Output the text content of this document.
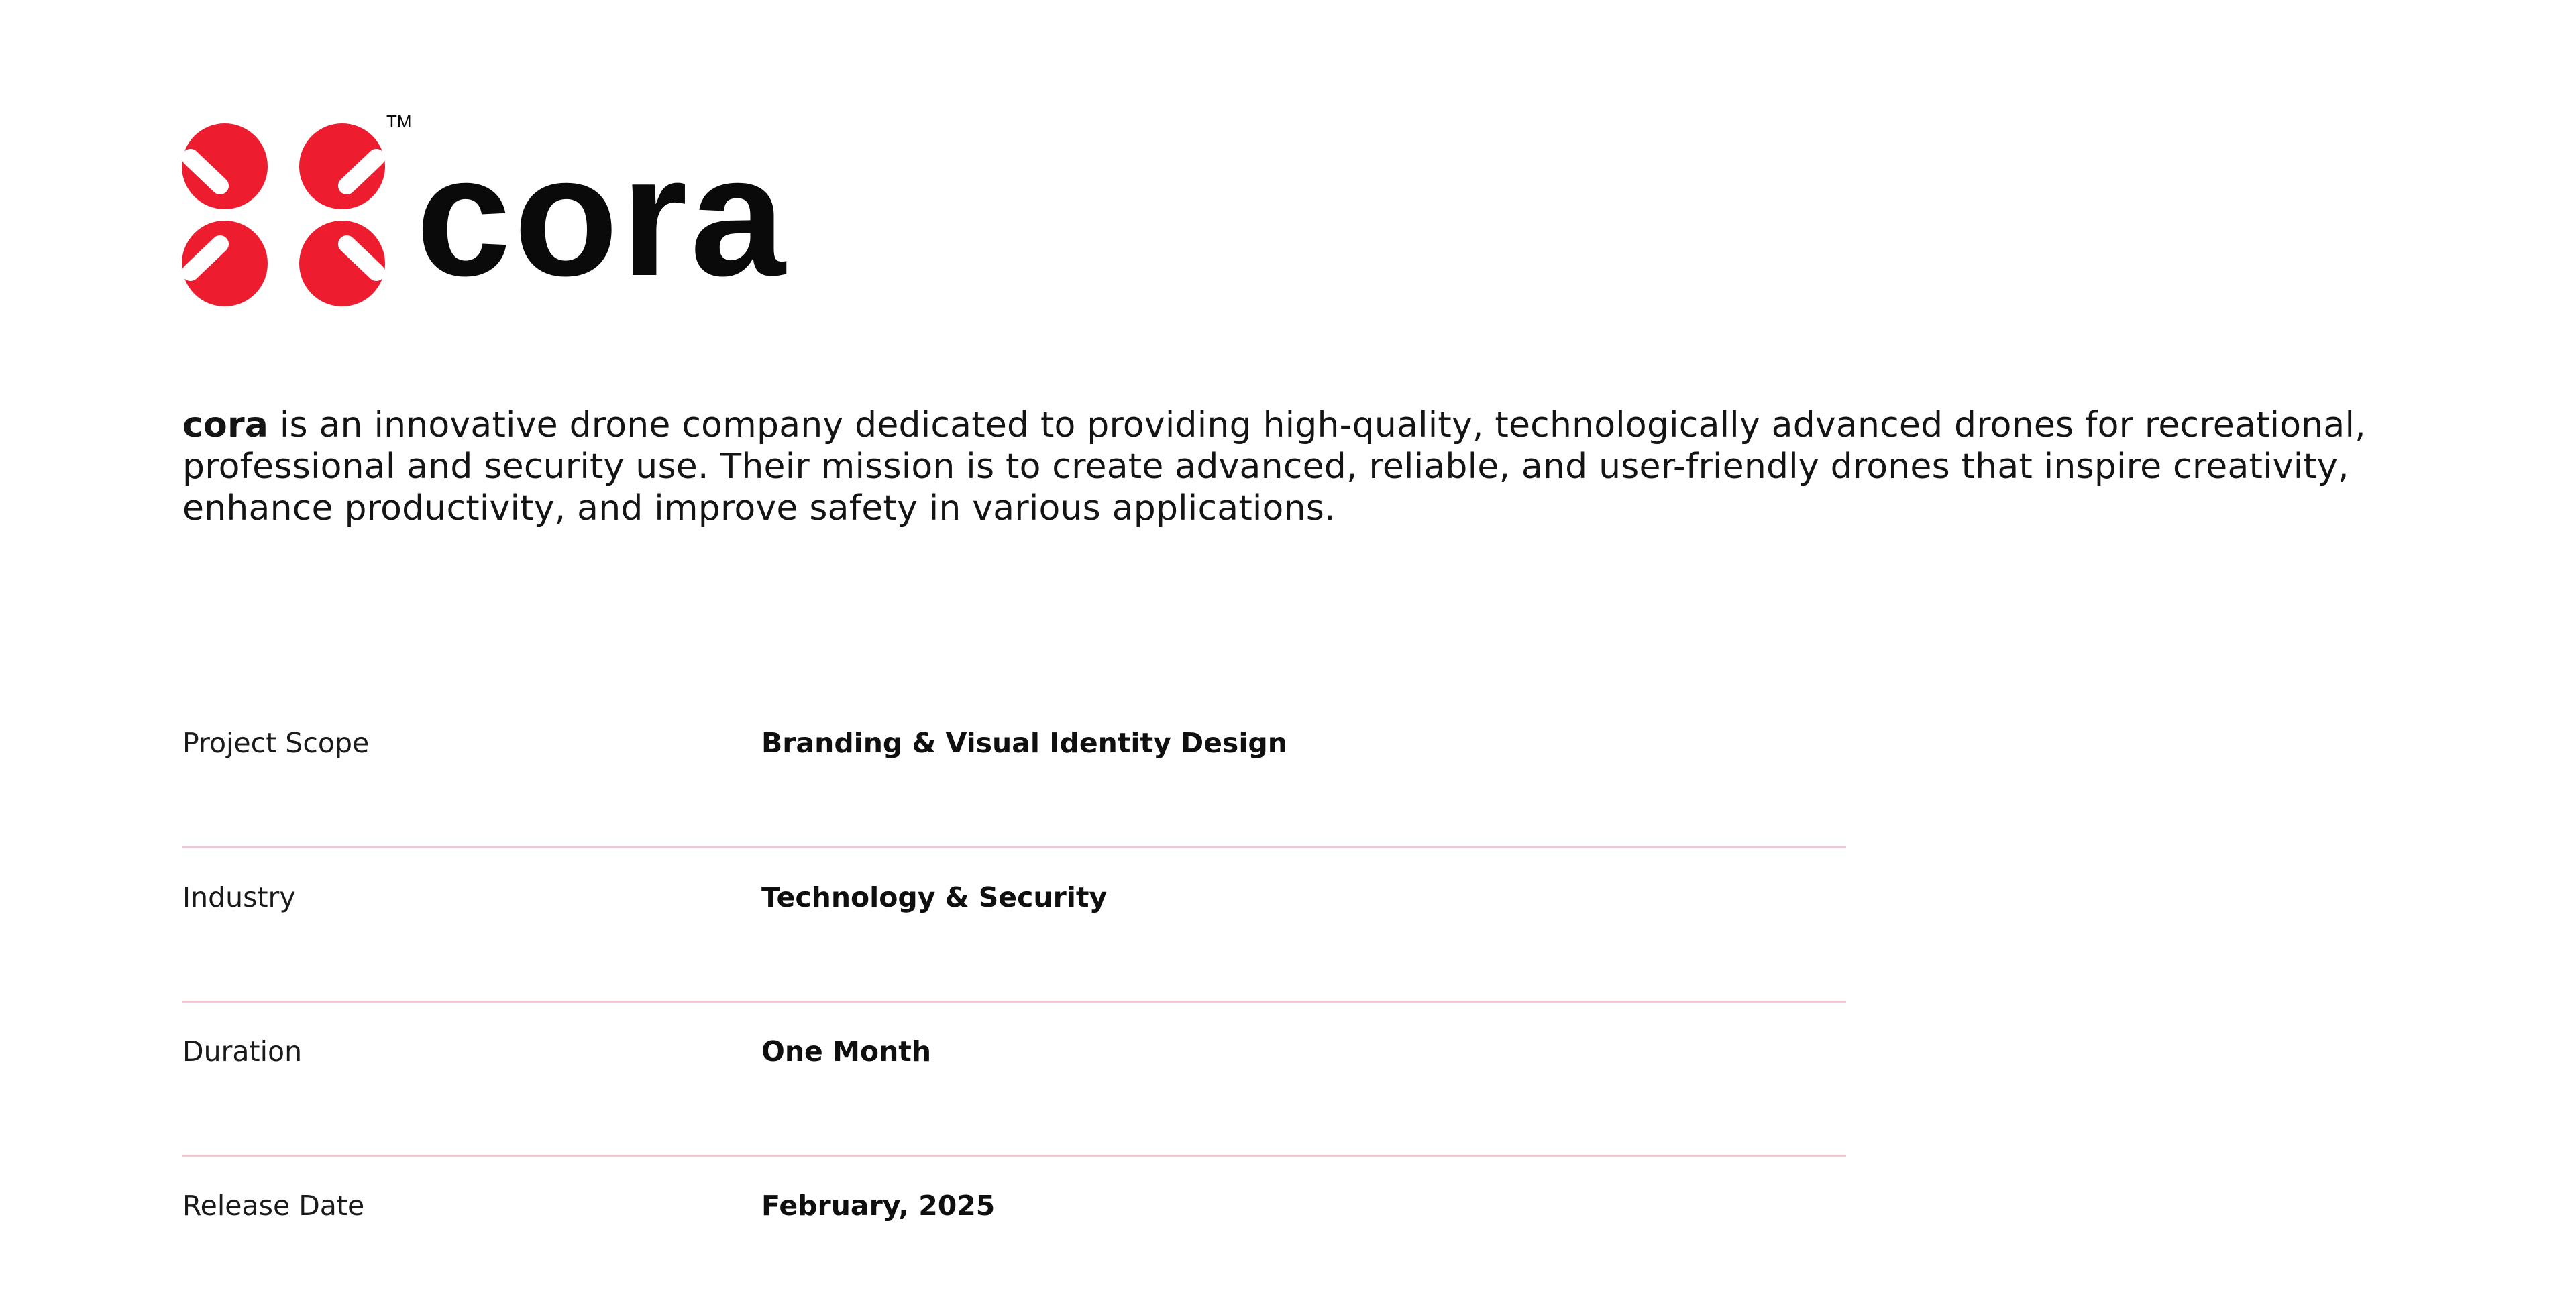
TM cora

cora is an innovative drone company dedicated to providing high-quality, technologically advanced drones for recreational, professional and security use. Their mission is to create advanced, reliable, and user-friendly drones that inspire creativity, enhance productivity, and improve safety in various applications.

Project Scope	Branding & Visual Identity Design
Industry	Technology & Security
Duration	One Month
Release Date	February, 2025
